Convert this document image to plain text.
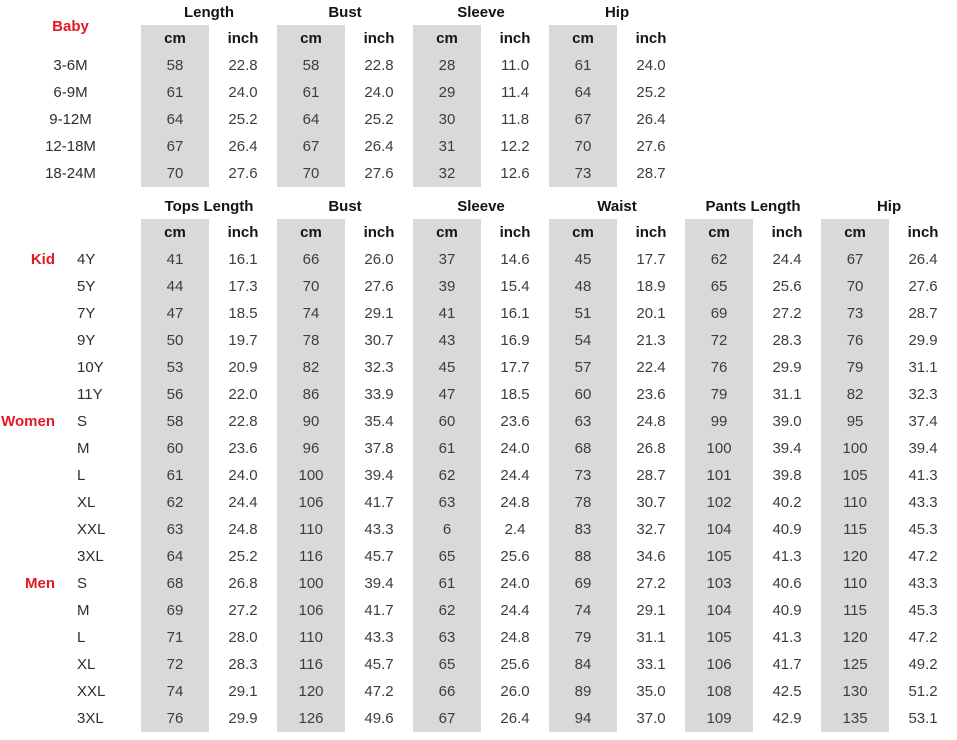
Baby	Length		Bust		Sleeve		Hip	
	cm	inch	cm	inch	cm	inch	cm	inch
3-6M	58	22.8	58	22.8	28	11.0	61	24.0
6-9M	61	24.0	61	24.0	29	11.4	64	25.2
9-12M	64	25.2	64	25.2	30	11.8	67	26.4
12-18M	67	26.4	67	26.4	31	12.2	70	27.6
18-24M	70	27.6	70	27.6	32	12.6	73	28.7
		Tops Length		Bust		Sleeve		Waist		Pants Length		Hip	
		cm	inch	cm	inch	cm	inch	cm	inch	cm	inch	cm	inch
Kid	4Y	41	16.1	66	26.0	37	14.6	45	17.7	62	24.4	67	26.4
	5Y	44	17.3	70	27.6	39	15.4	48	18.9	65	25.6	70	27.6
	7Y	47	18.5	74	29.1	41	16.1	51	20.1	69	27.2	73	28.7
	9Y	50	19.7	78	30.7	43	16.9	54	21.3	72	28.3	76	29.9
	10Y	53	20.9	82	32.3	45	17.7	57	22.4	76	29.9	79	31.1
	11Y	56	22.0	86	33.9	47	18.5	60	23.6	79	31.1	82	32.3
Women	S	58	22.8	90	35.4	60	23.6	63	24.8	99	39.0	95	37.4
	M	60	23.6	96	37.8	61	24.0	68	26.8	100	39.4	100	39.4
	L	61	24.0	100	39.4	62	24.4	73	28.7	101	39.8	105	41.3
	XL	62	24.4	106	41.7	63	24.8	78	30.7	102	40.2	110	43.3
	XXL	63	24.8	110	43.3	6	2.4	83	32.7	104	40.9	115	45.3
	3XL	64	25.2	116	45.7	65	25.6	88	34.6	105	41.3	120	47.2
Men	S	68	26.8	100	39.4	61	24.0	69	27.2	103	40.6	110	43.3
	M	69	27.2	106	41.7	62	24.4	74	29.1	104	40.9	115	45.3
	L	71	28.0	110	43.3	63	24.8	79	31.1	105	41.3	120	47.2
	XL	72	28.3	116	45.7	65	25.6	84	33.1	106	41.7	125	49.2
	XXL	74	29.1	120	47.2	66	26.0	89	35.0	108	42.5	130	51.2
	3XL	76	29.9	126	49.6	67	26.4	94	37.0	109	42.9	135	53.1
